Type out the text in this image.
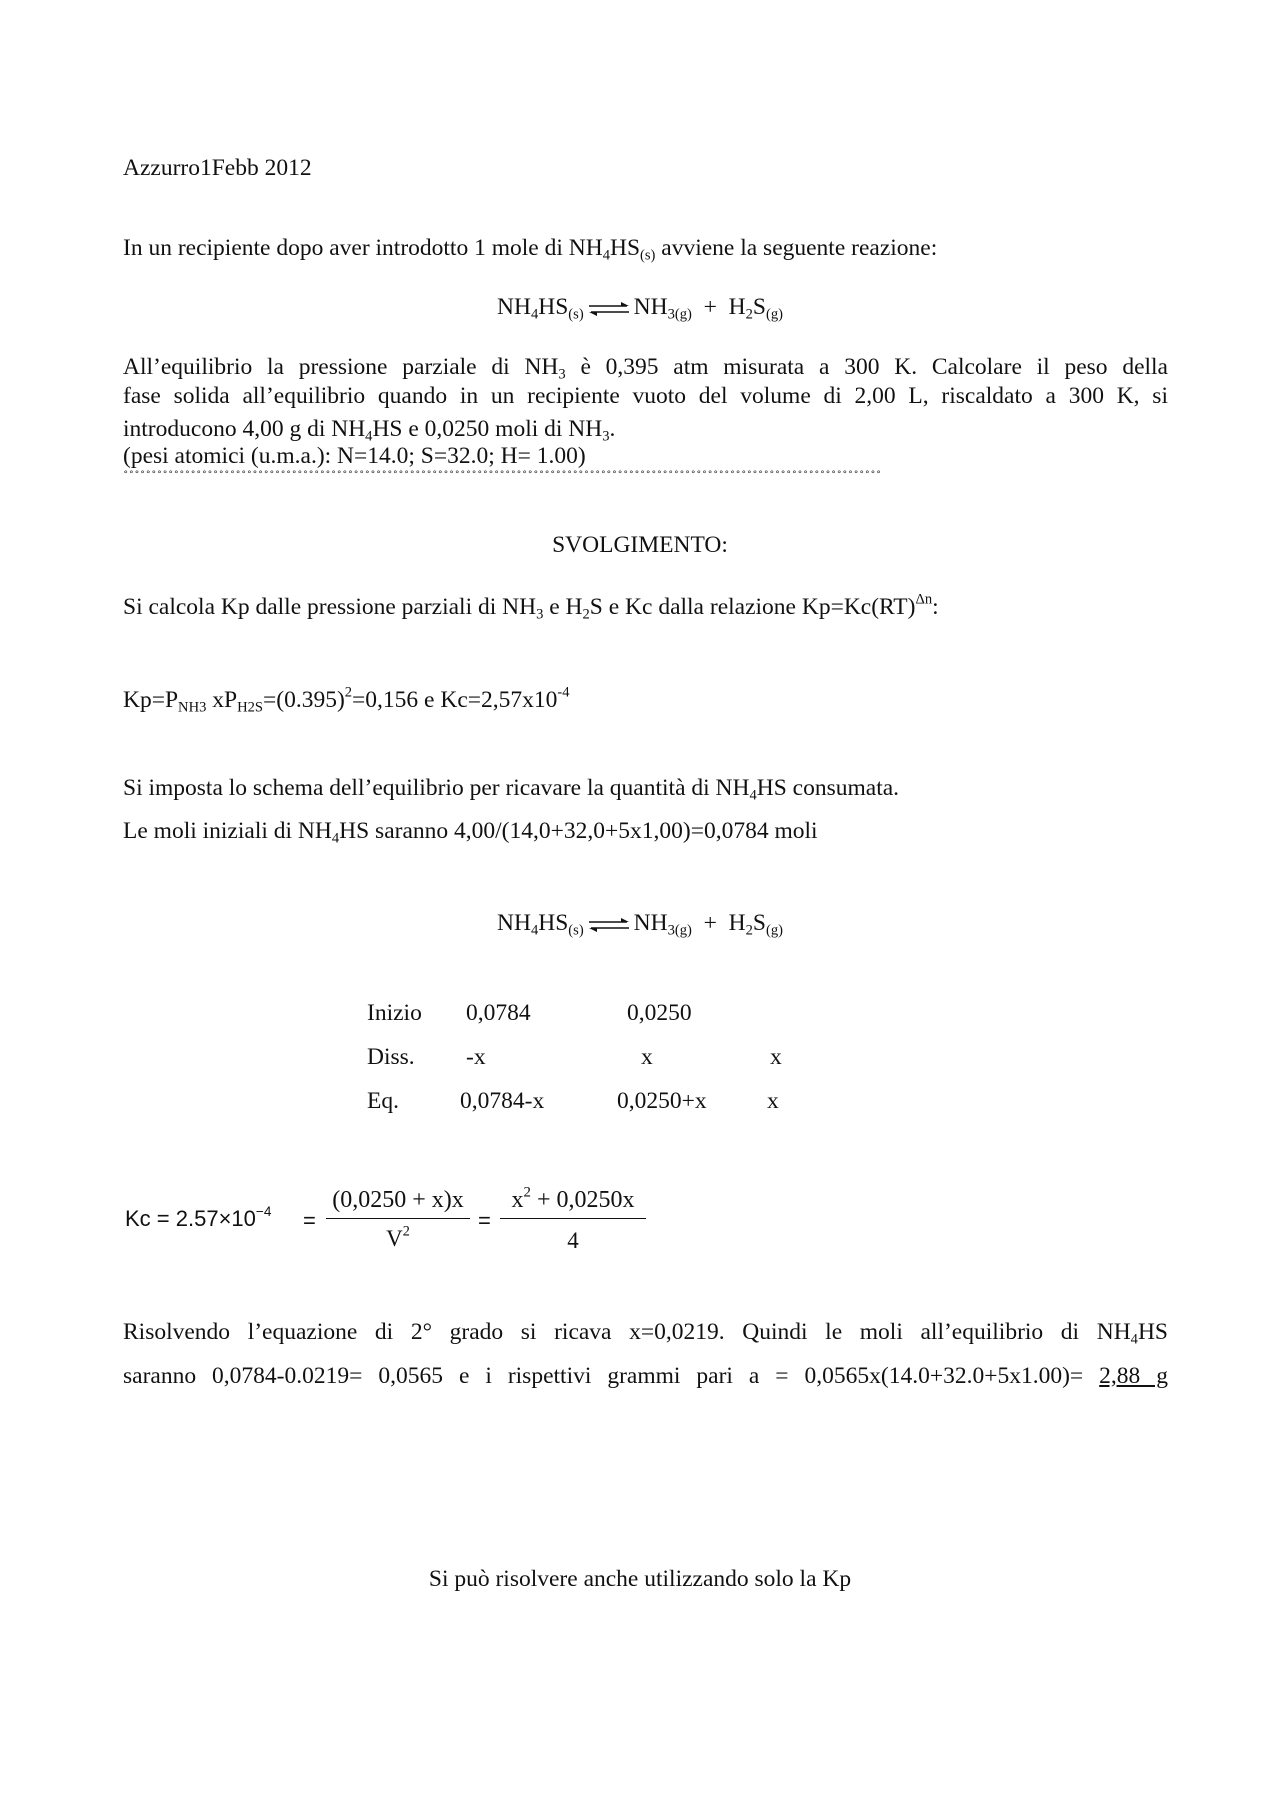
Azzurro1Febb 2012
In un recipiente dopo aver introdotto 1 mole di $NH_4HS_{(s)}$ avviene la seguente reazione:
$NH_4HS_{(s)}$ ⇌ $NH_{3(g)} + H_2S_{(g)}$
All’equilibrio la pressione parziale di $NH_3$ è 0,395 atm misurata a 300 K. Calcolare il peso della
fase solida all’equilibrio quando in un recipiente vuoto del volume di 2,00 L, riscaldato a 300 K, si
introducono 4,00 g di $NH_4HS$ e 0,0250 moli di $NH_3$.
(pesi atomici (u.m.a.): N=14.0; S=32.0; H= 1.00)
°°°°°°°°°°°°°°°°°°°°°°°°°°°°°°°°°°°°°°°°°°°°°°°°°°°°°°°°°°°°°°°°°°°°°°°°°°°°°°°°°°°°°°°°°°°°°°°°°°°°°°°°°°°°°°°°°°°°°°°°°°°°°°°°°°°°°°°
SVOLGIMENTO:
Si calcola Kp dalle pressione parziali di $NH_3$ e $H_2S$ e Kc dalla relazione Kp=Kc(RT)$^{\Delta n}$:
$Kp=P_{NH3}$ $xP_{H2S}=(0.395)^2=0,156$ e $Kc=2,57x10^{-4}$
Si imposta lo schema dell’equilibrio per ricavare la quantità di $NH_4HS$ consumata.
Le moli iniziali di $NH_4HS$ saranno 4,00/(14,0+32,0+5x1,00)=0,0784 moli
$NH_4HS_{(s)}$ ⇌ $NH_{3(g)} + H_2S_{(g)}$
Inizio 0,0784	0,0250
Diss. -x	x	x
Eq.	0,0784-x	0,0250+x	x
$Kc = 2.57\times 10^{-4}$ =
(0,0250 + x)x
$V^2$	=
$x^2 + 0,0250x$
4
Risolvendo l’equazione di 2° grado si ricava x=0,0219. Quindi le moli all’equilibrio di $NH_4HS$
saranno 0,0784-0.0219= 0,0565 e i rispettivi grammi pari a = 0,0565x(14.0+32.0+5x1.00)= 2,88 g
Si può risolvere anche utilizzando solo la Kp
